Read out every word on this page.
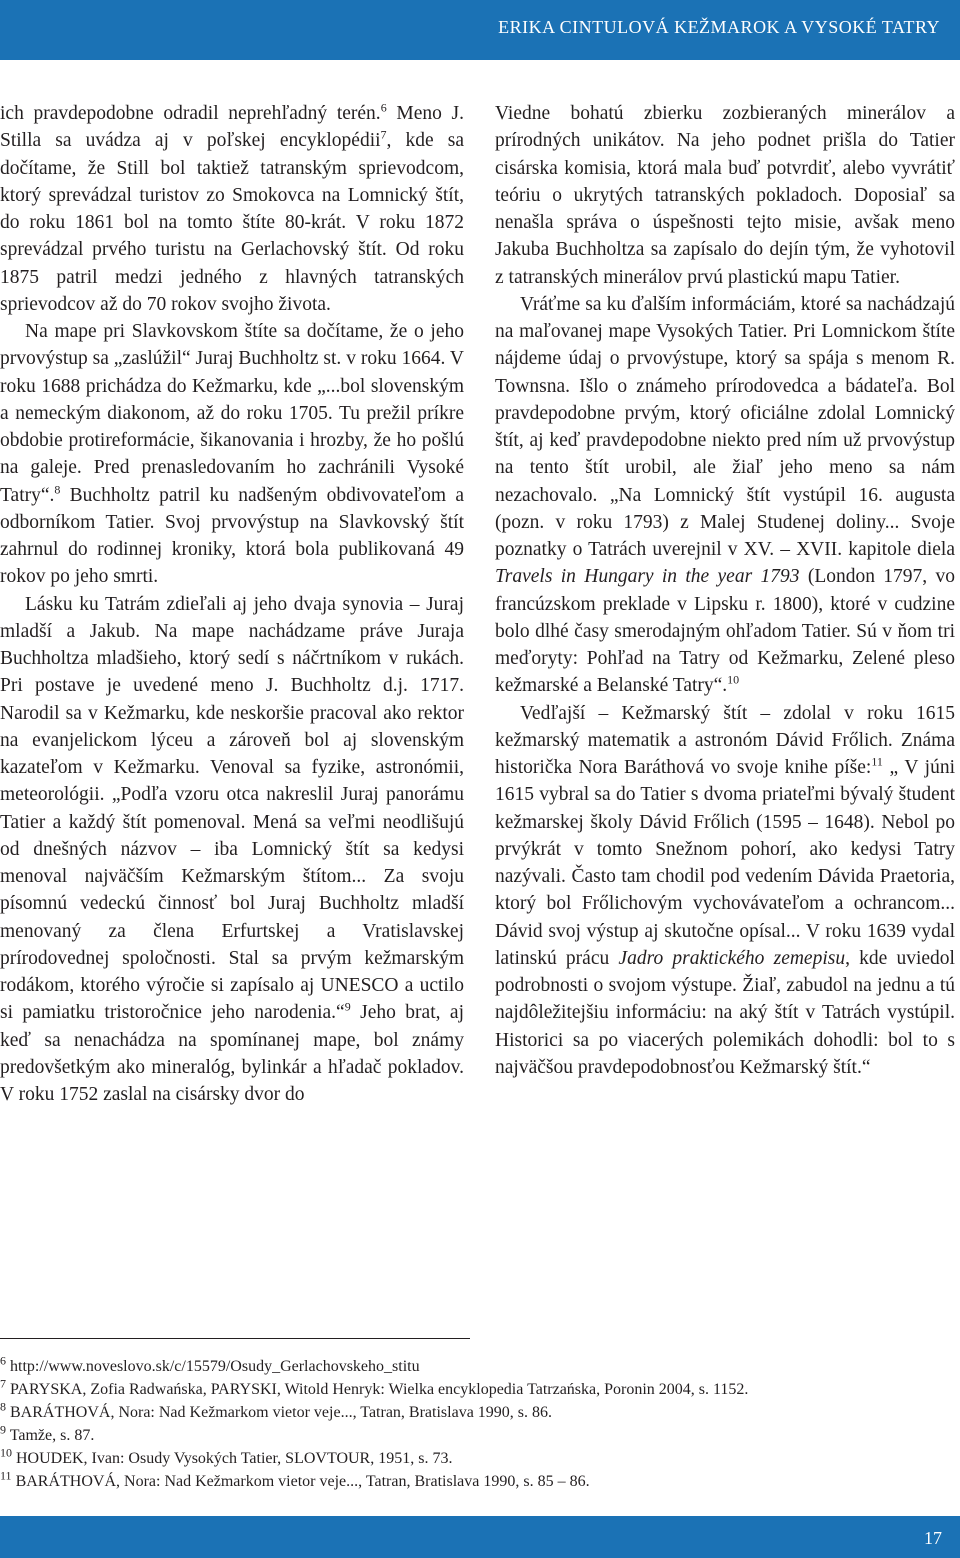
ERIKA CINTULOVÁ KEŽMAROK A VYSOKÉ TATRY

ich pravdepodobne odradil neprehľadný terén.$^6$ Meno J. Stilla sa uvádza aj v poľskej encyklopédii$^7$, kde sa dočítame, že Still bol taktiež tatranským sprievodcom, ktorý sprevádzal turistov zo Smokovca na Lomnický štít, do roku 1861 bol na tomto štíte 80-krát. V roku 1872 sprevádzal prvého turistu na Gerlachovský štít. Od roku 1875 patril medzi jedného z hlavných tatranských sprievodcov až do 70 rokov svojho života.

Na mape pri Slavkovskom štíte sa dočítame, že o jeho prvovýstup sa „zaslúžil“ Juraj Buchholtz st. v roku 1664. V roku 1688 prichádza do Kežmarku, kde „...bol slovenským a nemeckým diakonom, až do roku 1705. Tu prežil príkre obdobie protireformácie, šikanovania i hrozby, že ho pošlú na galeje. Pred prenasledovaním ho zachránili Vysoké Tatry“.$^8$ Buchholtz patril ku nadšeným obdivovateľom a odborníkom Tatier. Svoj prvovýstup na Slavkovský štít zahrnul do rodinnej kroniky, ktorá bola publikovaná 49 rokov po jeho smrti.

Lásku ku Tatrám zdieľali aj jeho dvaja synovia – Juraj mladší a Jakub. Na mape nachádzame práve Juraja Buchholtza mladšieho, ktorý sedí s náčrtníkom v rukách. Pri postave je uvedené meno J. Buchholtz d.j. 1717. Narodil sa v Kežmarku, kde neskoršie pracoval ako rektor na evanjelickom lýceu a zároveň bol aj slovenským kazateľom v Kežmarku. Venoval sa fyzike, astronómii, meteorológii. „Podľa vzoru otca nakreslil Juraj panorámu Tatier a každý štít pomenoval. Mená sa veľmi neodlišujú od dnešných názvov – iba Lomnický štít sa kedysi menoval najväčším Kežmarským štítom... Za svoju písomnú vedeckú činnosť bol Juraj Buchholtz mladší menovaný za člena Erfurtskej a Vratislavskej prírodovednej spoločnosti. Stal sa prvým kežmarským rodákom, ktorého výročie si zapísalo aj UNESCO a uctilo si pamiatku tristoročnice jeho narodenia.“$^9$ Jeho brat, aj keď sa nenachádza na spomínanej mape, bol známy predovšetkým ako mineralóg, bylinkár a hľadač pokladov. V roku 1752 zaslal na cisársky dvor do

Viedne bohatú zbierku zozbieraných minerálov a prírodných unikátov. Na jeho podnet prišla do Tatier cisárska komisia, ktorá mala buď potvrdiť, alebo vyvrátiť teóriu o ukrytých tatranských pokladoch. Doposiaľ sa nenašla správa o úspešnosti tejto misie, avšak meno Jakuba Buchholtza sa zapísalo do dejín tým, že vyhotovil z tatranských minerálov prvú plastickú mapu Tatier.

Vráťme sa ku ďalším informáciám, ktoré sa nachádzajú na maľovanej mape Vysokých Tatier. Pri Lomnickom štíte nájdeme údaj o prvovýstupe, ktorý sa spája s menom R. Townsna. Išlo o známeho prírodovedca a bádateľa. Bol pravdepodobne prvým, ktorý oficiálne zdolal Lomnický štít, aj keď pravdepodobne niekto pred ním už prvovýstup na tento štít urobil, ale žiaľ jeho meno sa nám nezachovalo. „Na Lomnický štít vystúpil 16. augusta (pozn. v roku 1793) z Malej Studenej doliny... Svoje poznatky o Tatrách uverejnil v XV. – XVII. kapitole diela Travels in Hungary in the year 1793 (London 1797, vo francúzskom preklade v Lipsku r. 1800), ktoré v cudzine bolo dlhé časy smerodajným ohľadom Tatier. Sú v ňom tri meďoryty: Pohľad na Tatry od Kežmarku, Zelené pleso kežmarské a Belanské Tatry“.$^{10}$

Vedľajší – Kežmarský štít – zdolal v roku 1615 kežmarský matematik a astronóm Dávid Frőlich. Známa historička Nora Baráthová vo svoje knihe píše:$^{11}$ „ V júni 1615 vybral sa do Tatier s dvoma priateľmi bývalý študent kežmarskej školy Dávid Frőlich (1595 – 1648). Nebol po prvýkrát v tomto Snežnom pohorí, ako kedysi Tatry nazývali. Často tam chodil pod vedením Dávida Praetoria, ktorý bol Frőlichovým vychovávateľom a ochrancom... Dávid svoj výstup aj skutočne opísal... V roku 1639 vydal latinskú prácu Jadro praktického zemepisu, kde uviedol podrobnosti o svojom výstupe. Žiaľ, zabudol na jednu a tú najdôležitejšiu informáciu: na aký štít v Tatrách vystúpil. Historici sa po viacerých polemikách dohodli: bol to s najväčšou pravdepodobnosťou Kežmarský štít.“

$^6$ http://www.noveslovo.sk/c/15579/Osudy_Gerlachovskeho_stitu
$^7$ PARYSKA, Zofia Radwańska, PARYSKI, Witold Henryk: Wielka encyklopedia Tatrzańska, Poronin 2004, s. 1152.
$^8$ BARÁTHOVÁ, Nora: Nad Kežmarkom vietor veje..., Tatran, Bratislava 1990, s. 86.
$^9$ Tamže, s. 87.
$^{10}$ HOUDEK, Ivan: Osudy Vysokých Tatier, SLOVTOUR, 1951, s. 73.
$^{11}$ BARÁTHOVÁ, Nora: Nad Kežmarkom vietor veje..., Tatran, Bratislava 1990, s. 85 – 86.
17
